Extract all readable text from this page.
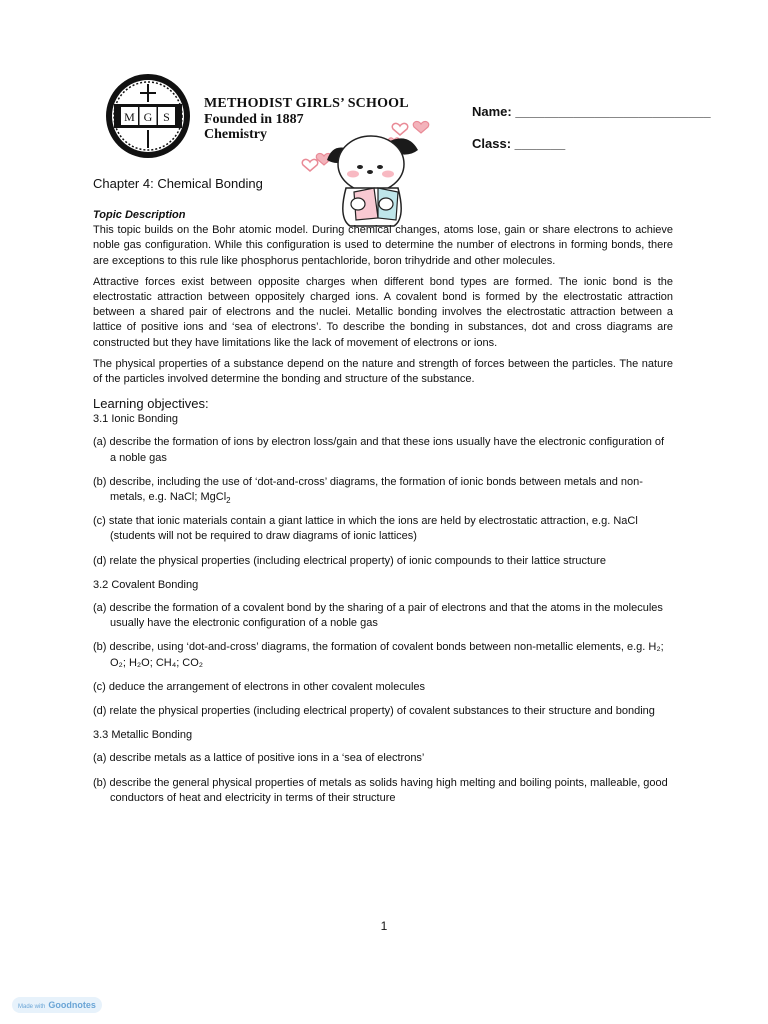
M G S
METHODIST GIRLS’ SCHOOL
Founded in 1887
Chemistry
Name: ___________________________
Class: _______
Chapter 4: Chemical Bonding

Topic Description

This topic builds on the Bohr atomic model. During chemical changes, atoms lose, gain or share electrons to achieve noble gas configuration. While this configuration is used to determine the number of electrons in forming bonds, there are exceptions to this rule like phosphorus pentachloride, boron trihydride and other molecules.

Attractive forces exist between opposite charges when different bond types are formed. The ionic bond is the electrostatic attraction between oppositely charged ions. A covalent bond is formed by the electrostatic attraction between a shared pair of electrons and the nuclei. Metallic bonding involves the electrostatic attraction between a lattice of positive ions and ‘sea of electrons’. To describe the bonding in substances, dot and cross diagrams are constructed but they have limitations like the lack of movement of electrons or ions.

The physical properties of a substance depend on the nature and strength of forces between the particles. The nature of the particles involved determine the bonding and structure of the substance.

Learning objectives:

3.1 Ionic Bonding

(a) describe the formation of ions by electron loss/gain and that these ions usually have the electronic configuration of a noble gas

(b) describe, including the use of ‘dot-and-cross’ diagrams, the formation of ionic bonds between metals and non- metals, e.g. NaCl; MgCl$_2$

(c) state that ionic materials contain a giant lattice in which the ions are held by electrostatic attraction, e.g. NaCl (students will not be required to draw diagrams of ionic lattices)

(d) relate the physical properties (including electrical property) of ionic compounds to their lattice structure

3.2 Covalent Bonding

(a) describe the formation of a covalent bond by the sharing of a pair of electrons and that the atoms in the molecules usually have the electronic configuration of a noble gas

(b) describe, using ‘dot-and-cross’ diagrams, the formation of covalent bonds between non-metallic elements, e.g. H₂; O₂; H₂O; CH₄; CO₂

(c) deduce the arrangement of electrons in other covalent molecules

(d) relate the physical properties (including electrical property) of covalent substances to their structure and bonding

3.3 Metallic Bonding

(a) describe metals as a lattice of positive ions in a ‘sea of electrons’

(b) describe the general physical properties of metals as solids having high melting and boiling points, malleable, good conductors of heat and electricity in terms of their structure

1
Made with Goodnotes
